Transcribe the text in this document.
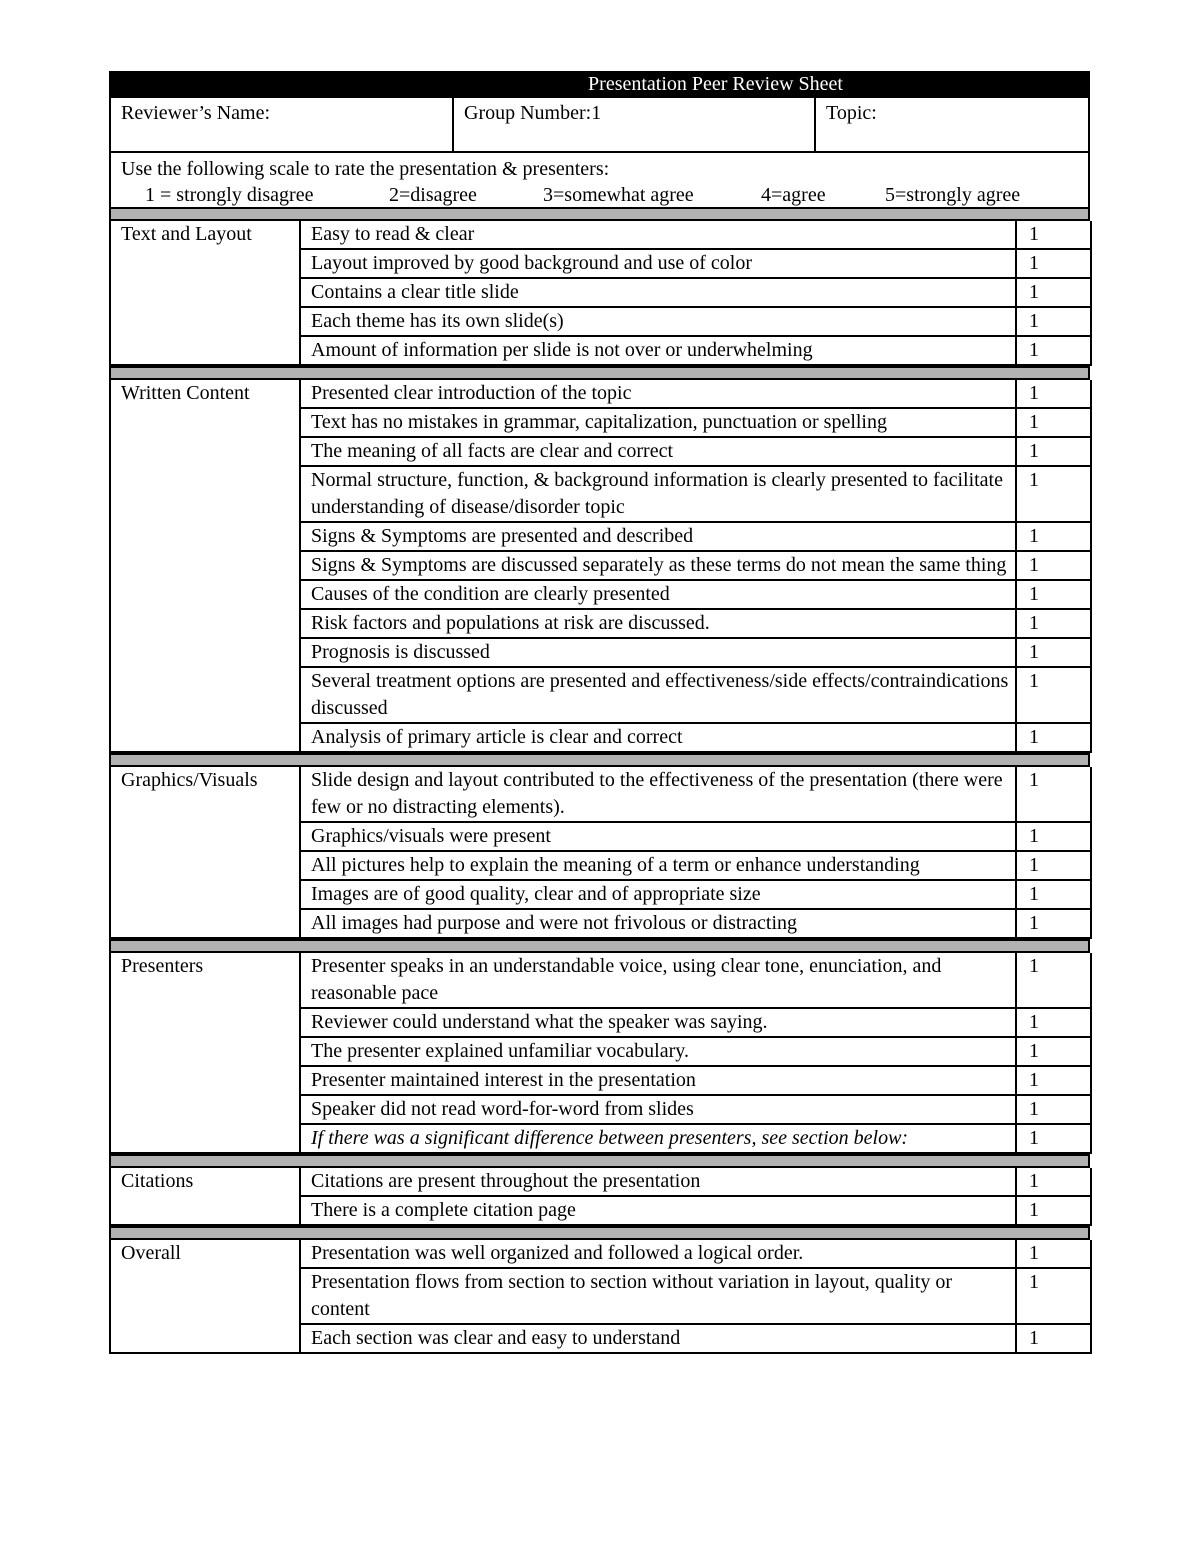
Presentation Peer Review Sheet
Reviewer’s Name:	Group Number:1	Topic:
Use the following scale to rate the presentation & presenters:
1 = strongly disagree	2=disagree	3=somewhat agree	4=agree	5=strongly agree
Text and Layout	Easy to read & clear	1
	Layout improved by good background and use of color	1
	Contains a clear title slide	1
	Each theme has its own slide(s)	1
	Amount of information per slide is not over or underwhelming	1
Written Content	Presented clear introduction of the topic	1
	Text has no mistakes in grammar, capitalization, punctuation or spelling	1
	The meaning of all facts are clear and correct	1
	Normal structure, function, & background information is clearly presented to facilitate understanding of disease/disorder topic	1
	Signs & Symptoms are presented and described	1
	Signs & Symptoms are discussed separately as these terms do not mean the same thing	1
	Causes of the condition are clearly presented	1
	Risk factors and populations at risk are discussed.	1
	Prognosis is discussed	1
	Several treatment options are presented and effectiveness/side effects/contraindications discussed	1
	Analysis of primary article is clear and correct	1
Graphics/Visuals	Slide design and layout contributed to the effectiveness of the presentation (there were few or no distracting elements).	1
	Graphics/visuals were present	1
	All pictures help to explain the meaning of a term or enhance understanding	1
	Images are of good quality, clear and of appropriate size	1
	All images had purpose and were not frivolous or distracting	1
Presenters	Presenter speaks in an understandable voice, using clear tone, enunciation, and reasonable pace	1
	Reviewer could understand what the speaker was saying.	1
	The presenter explained unfamiliar vocabulary.	1
	Presenter maintained interest in the presentation	1
	Speaker did not read word-for-word from slides	1
	If there was a significant difference between presenters, see section below:	1
Citations	Citations are present throughout the presentation	1
	There is a complete citation page	1
Overall	Presentation was well organized and followed a logical order.	1
	Presentation flows from section to section without variation in layout, quality or content	1
	Each section was clear and easy to understand	1
